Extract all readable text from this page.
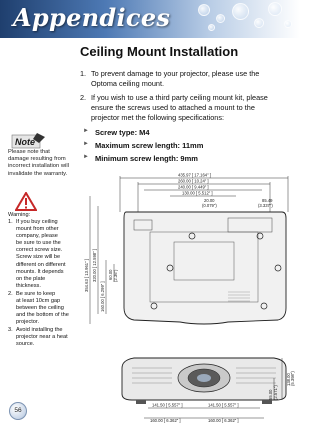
Appendices
Ceiling Mount Installation
1. To prevent damage to your projector, please use the
Optoma ceiling mount.
2. If you wish to use a third party ceiling mount kit, please
ensure the screws used to attached a mount to the
projector met the following specifications:
► Screw type: M4
► Maximum screw length: 11mm
► Minimum screw length: 9mm
Note
Please note that
damage resulting from
incorrect installation will
invalidate the warranty.
Warning:
1. If you buy ceiling
mount from other
company, please
be sure to use the
correct screw size.
Screw size will be
different on different
mounts. It depends
on the plate
thickness.
2. Be sure to keep
at least 10cm gap
between the ceiling
and the bottom of the
projector.
3. Avoid installing the
projector near a heat
source.
435.97 [ 17.164" ]
260.00 [ 10.24" ]
240.00 [ 9.449" ]
130.00 [ 5.512" ]
20.00
(0.079")
85.49
(3.337")
354.63 [ 13.961" ] 320.00 [ 12.598" ]
160.00 [ 6.299" ]
60.00 (2.36")
141.50 [ 5.557" ]	141.50 [ 5.557" ]
160.00 [ 6.362" ]	160.00 [ 6.362" ]
138.00 (5.398")
65.00 (2.571")
56
